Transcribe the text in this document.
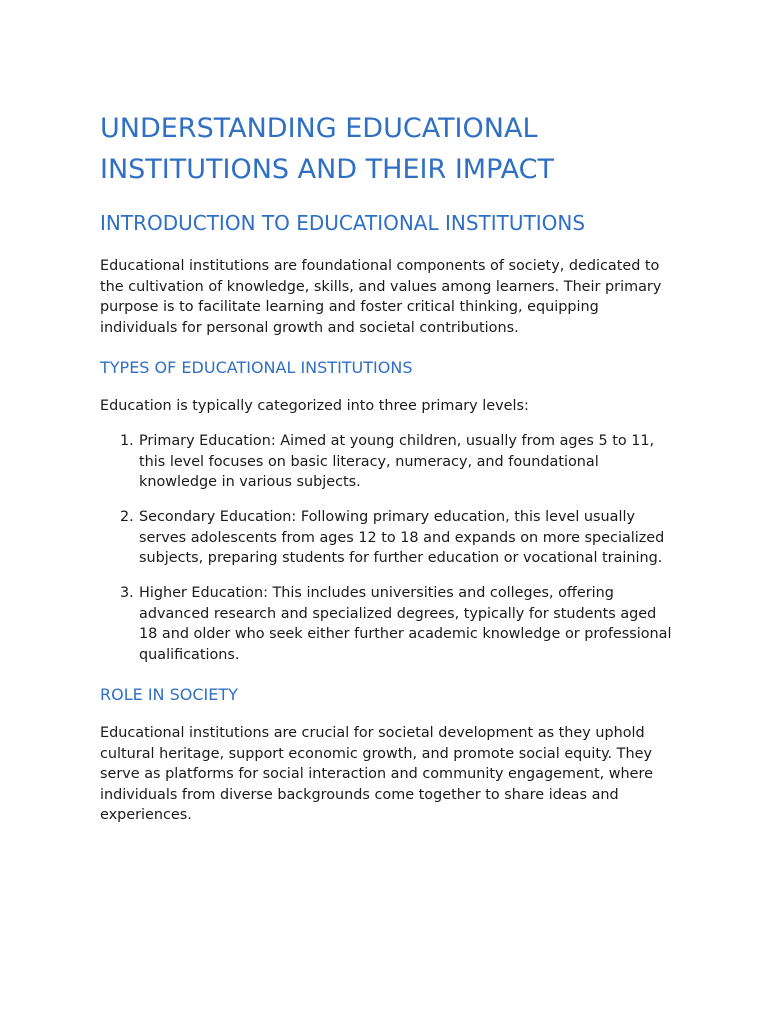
UNDERSTANDING EDUCATIONAL INSTITUTIONS AND THEIR IMPACT
INTRODUCTION TO EDUCATIONAL INSTITUTIONS

Educational institutions are foundational components of society, dedicated to the cultivation of knowledge, skills, and values among learners. Their primary purpose is to facilitate learning and foster critical thinking, equipping individuals for personal growth and societal contributions.

TYPES OF EDUCATIONAL INSTITUTIONS

Education is typically categorized into three primary levels:

1. Primary Education: Aimed at young children, usually from ages 5 to 11, this level focuses on basic literacy, numeracy, and foundational knowledge in various subjects.
2. Secondary Education: Following primary education, this level usually serves adolescents from ages 12 to 18 and expands on more specialized subjects, preparing students for further education or vocational training.
3. Higher Education: This includes universities and colleges, offering advanced research and specialized degrees, typically for students aged 18 and older who seek either further academic knowledge or professional qualifications.
ROLE IN SOCIETY

Educational institutions are crucial for societal development as they uphold cultural heritage, support economic growth, and promote social equity. They serve as platforms for social interaction and community engagement, where individuals from diverse backgrounds come together to share ideas and experiences.
